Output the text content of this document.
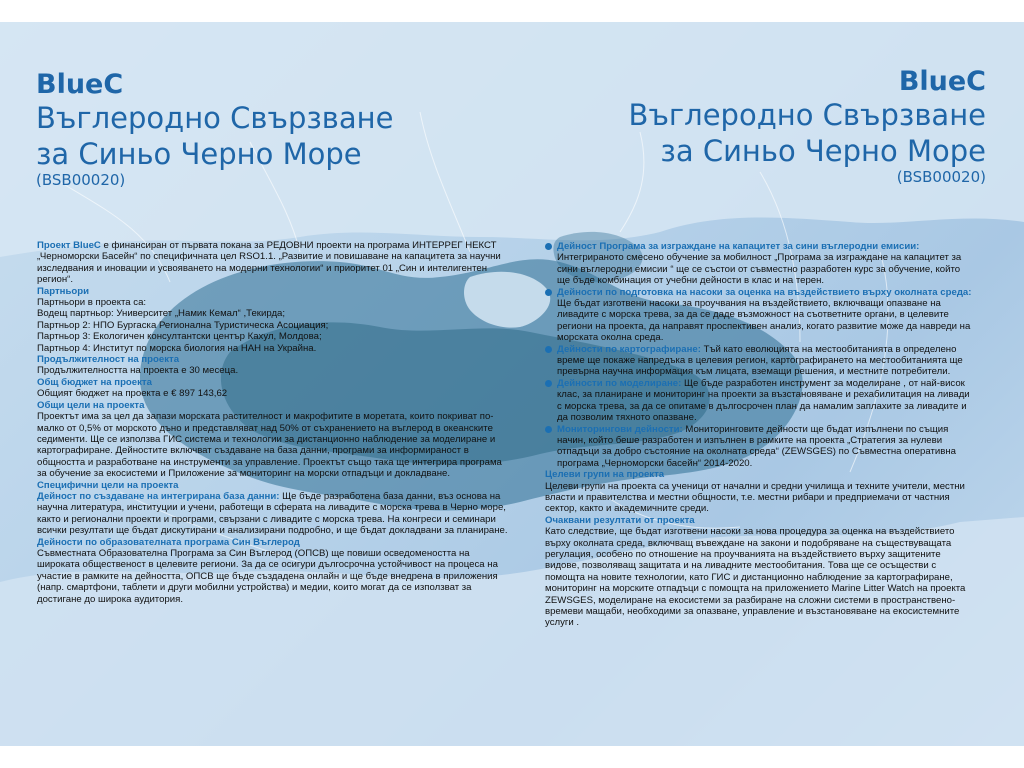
BlueC
Въглеродно Свързване
за Синьо Черно Море
(BSB00020)
BlueC
Въглеродно Свързване
за Синьо Черно Море
(BSB00020)

Проект BlueC е финансиран от първата покана за РЕДОВНИ проекти на програма ИНТЕРРЕГ НЕКСТ „Черноморски Басейн“ по специфичната цел RSO1.1. „Развитие и повишаване на капацитета за научни изследвания и иновации и усвояването на модерни технологии“ и приоритет 01 „Син и интелигентен регион“.

Партньори

Партньори в проекта са:

Водещ партньор: Университет „Намик Кемал“ ,Текирда;

Партньор 2: НПО Бургаска Регионална Туристическа Асоциация;

Партньор 3: Екологичен консултантски център Кахул, Молдова;

Партньор 4: Институт по морска биология на НАН на Украйна.

Продължителност на проекта

Продължителността на проекта е 30 месеца.

Общ бюджет на проекта

Общият бюджет на проекта е € 897 143,62

Общи цели на проекта

Проектът има за цел да запази морската растителност и макрофитите в моретата, които покриват по-малко от 0,5% от морското дъно и представляват над 50% от съхранението на въглерод в океанските седименти. Ще се използва ГИС система и технологии за дистанционно наблюдение за моделиране и картографиране. Дейностите включват създаване на база данни, програми за информираност в общността и разработване на инструменти за управление. Проектът също така ще интегрира програма за обучение за екосистеми и Приложение за мониторинг на морски отпадъци и докладване.

Специфични цели на проекта

Дейност по създаване на интегрирана база данни: Ще бъде разработена база данни, въз основа на научна литература, институции и учени, работещи в сферата на ливадите с морска трева в Черно море, както и регионални проекти и програми, свързани с ливадите с морска трева. На конгреси и семинари всички резултати ще бъдат дискутирани и анализирани подробно, и ще бъдат докладвани за планиране.

Дейности по образователната програма Син Въглерод

Съвместната Образователна Програма за Син Въглерод (ОПСВ) ще повиши осведомеността на широката общественост в целевите региони. За да се осигури дългосрочна устойчивост на процеса на участие в рамките на дейността, ОПСВ ще бъде създадена онлайн и ще бъде внедрена в приложения (напр. смартфони, таблети и други мобилни устройства) и медии, които могат да се използват за достигане до широка аудитория.

Дейност Програма за изграждане на капацитет за сини въглеродни емисии:

Интегрираното смесено обучение за мобилност „Програма за изграждане на капацитет за сини въглеродни емисии “ ще се състои от съвместно разработен курс за обучение, който ще бъде комбинация от учебни дейности в клас и на терен.

Дейности по подготовка на насоки за оценка на въздействието върху околната среда:

Ще бъдат изготвени насоки за проучвания на въздействието, включващи опазване на ливадите с морска трева, за да се даде възможност на съответните органи, в целевите региони на проекта, да направят проспективен анализ, когато развитие може да навреди на морската околна среда.

Дейности по картографиране: Тъй като еволюцията на местообитанията в определено време ще покаже напредъка в целевия регион, картографирането на местообитанията ще превърна научна информация към лицата, вземащи решения, и местните потребители.

Дейности по моделиране: Ще бъде разработен инструмент за моделиране , от най-висок клас, за планиране и мониторинг на проекти за възстановяване и рехабилитация на ливади с морска трева, за да се опитаме в дългосрочен план да намалим заплахите за ливадите и да позволим тяхното опазване.

Мониторингови дейности: Мониторинговите дейности ще бъдат изпълнени по същия начин, който беше разработен и изпълнен в рамките на проекта „Стратегия за нулеви отпадъци за добро състояние на околната среда“ (ZEWSGES) по Съвместна оперативна програма „Черноморски басейн“ 2014-2020.

Целеви групи на проекта

Целеви групи на проекта са ученици от начални и средни училища и техните учители, местни власти и правителства и местни общности, т.е. местни рибари и предприемачи от частния сектор, както и академичните среди.

Очаквани резултати от проекта

Като следствие, ще бъдат изготвени насоки за нова процедура за оценка на въздействието върху околната среда, включващ въвеждане на закони и подобряване на съществуващата регулация, особено по отношение на проучванията на въздействието върху защитените видове, позволяващ защитата и на ливадните местообитания. Това ще се осъществи с помощта на новите технологии, като ГИС и дистанционно наблюдение за картографиране, мониторинг на морските отпадъци с помощта на приложението Marine Litter Watch на проекта ZEWSGES, моделиране на екосистеми за разбиране на сложни системи в пространствено-времеви мащаби, необходими за опазване, управление и възстановяване на екосистемните услуги .
